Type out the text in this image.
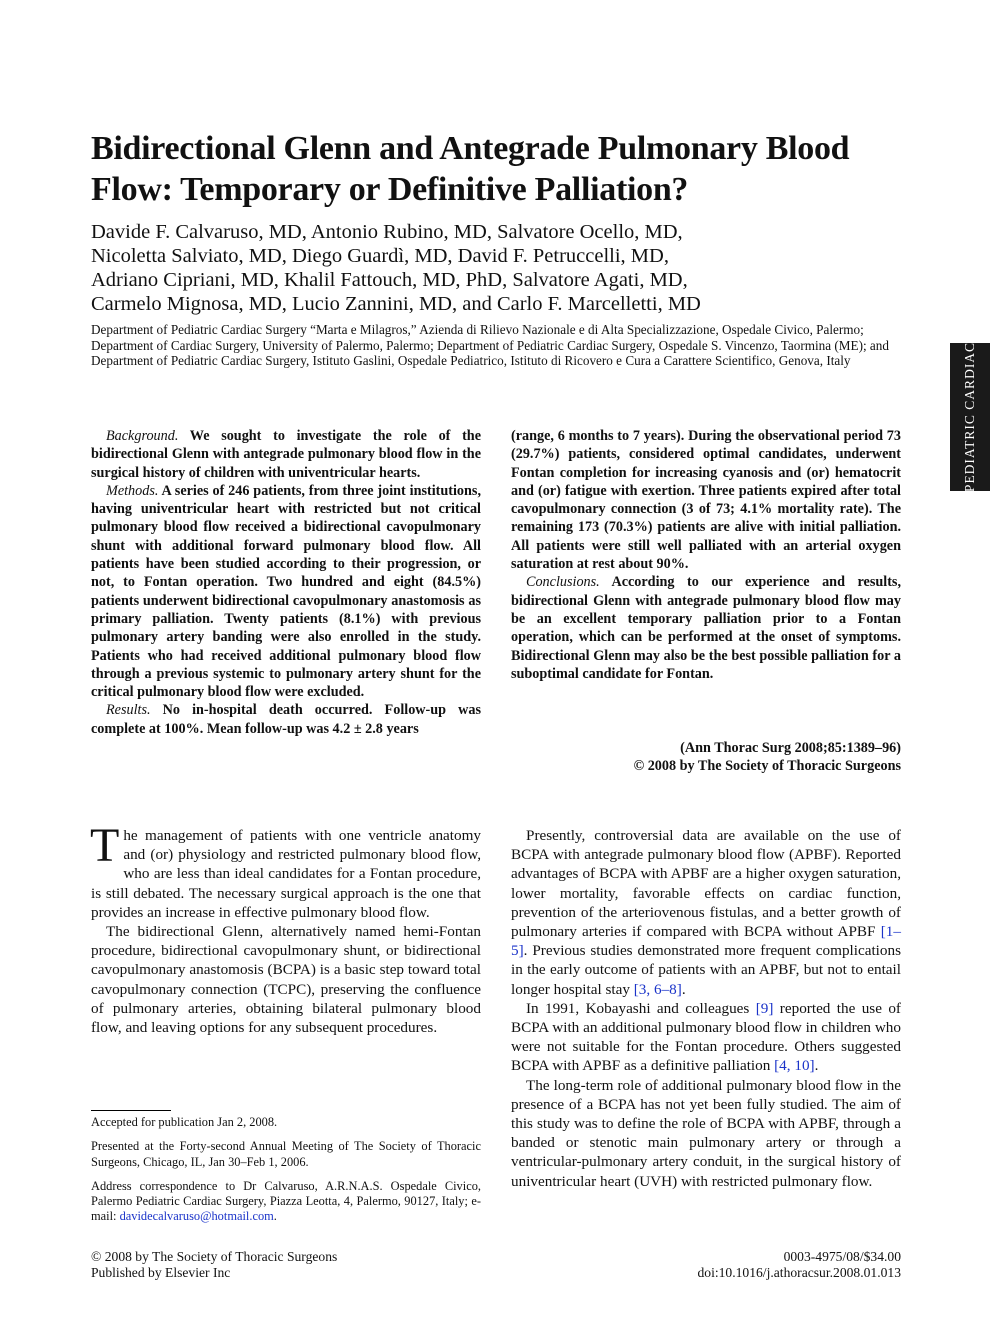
Bidirectional Glenn and Antegrade Pulmonary Blood Flow: Temporary or Definitive Palliation?
Davide F. Calvaruso, MD, Antonio Rubino, MD, Salvatore Ocello, MD,
Nicoletta Salviato, MD, Diego Guardì, MD, David F. Petruccelli, MD,
Adriano Cipriani, MD, Khalil Fattouch, MD, PhD, Salvatore Agati, MD,
Carmelo Mignosa, MD, Lucio Zannini, MD, and Carlo F. Marcelletti, MD
Department of Pediatric Cardiac Surgery “Marta e Milagros,” Azienda di Rilievo Nazionale e di Alta Specializzazione, Ospedale Civico, Palermo; Department of Cardiac Surgery, University of Palermo, Palermo; Department of Pediatric Cardiac Surgery, Ospedale S. Vincenzo, Taormina (ME); and Department of Pediatric Cardiac Surgery, Istituto Gaslini, Ospedale Pediatrico, Istituto di Ricovero e Cura a Carattere Scientifico, Genova, Italy	PEDIATRIC CARDIAC

Background. We sought to investigate the role of the bidirectional Glenn with antegrade pulmonary blood flow in the surgical history of children with univentricular hearts.

Methods. A series of 246 patients, from three joint institutions, having univentricular heart with restricted but not critical pulmonary blood flow received a bidirectional cavopulmonary shunt with additional forward pulmonary blood flow. All patients have been studied according to their progression, or not, to Fontan operation. Two hundred and eight (84.5%) patients underwent bidirectional cavopulmonary anastomosis as primary palliation. Twenty patients (8.1%) with previous pulmonary artery banding were also enrolled in the study. Patients who had received additional pulmonary blood flow through a previous systemic to pulmonary artery shunt for the critical pulmonary blood flow were excluded.

Results. No in-hospital death occurred. Follow-up was complete at 100%. Mean follow-up was 4.2 ± 2.8 years

(range, 6 months to 7 years). During the observational period 73 (29.7%) patients, considered optimal candidates, underwent Fontan completion for increasing cyanosis and (or) hematocrit and (or) fatigue with exertion. Three patients expired after total cavopulmonary connection (3 of 73; 4.1% mortality rate). The remaining 173 (70.3%) patients are alive with initial palliation. All patients were still well palliated with an arterial oxygen saturation at rest about 90%.

Conclusions. According to our experience and results, bidirectional Glenn with antegrade pulmonary blood flow may be an excellent temporary palliation prior to a Fontan operation, which can be performed at the onset of symptoms. Bidirectional Glenn may also be the best possible palliation for a suboptimal candidate for Fontan.

(Ann Thorac Surg 2008;85:1389–96)
© 2008 by The Society of Thoracic Surgeons

The management of patients with one ventricle anatomy and (or) physiology and restricted pulmonary blood flow, who are less than ideal candidates for a Fontan procedure, is still debated. The necessary surgical approach is the one that provides an increase in effective pulmonary blood flow.

The bidirectional Glenn, alternatively named hemi-Fontan procedure, bidirectional cavopulmonary shunt, or bidirectional cavopulmonary anastomosis (BCPA) is a basic step toward total cavopulmonary connection (TCPC), preserving the confluence of pulmonary arteries, obtaining bilateral pulmonary blood flow, and leaving options for any subsequent procedures.

Presently, controversial data are available on the use of BCPA with antegrade pulmonary blood flow (APBF). Reported advantages of BCPA with APBF are a higher oxygen saturation, lower mortality, favorable effects on cardiac function, prevention of the arteriovenous fistulas, and a better growth of pulmonary arteries if compared with BCPA without APBF [1–5]. Previous studies demonstrated more frequent complications in the early outcome of patients with an APBF, but not to entail longer hospital stay [3, 6–8].

In 1991, Kobayashi and colleagues [9] reported the use of BCPA with an additional pulmonary blood flow in children who were not suitable for the Fontan procedure. Others suggested BCPA with APBF as a definitive palliation [4, 10].

The long-term role of additional pulmonary blood flow in the presence of a BCPA has not yet been fully studied. The aim of this study was to define the role of BCPA with APBF, through a banded or stenotic main pulmonary artery or through a ventricular-pulmonary artery conduit, in the surgical history of univentricular heart (UVH) with restricted pulmonary flow.

Accepted for publication Jan 2, 2008.

Presented at the Forty-second Annual Meeting of The Society of Thoracic Surgeons, Chicago, IL, Jan 30–Feb 1, 2006.

Address correspondence to Dr Calvaruso, A.R.N.A.S. Ospedale Civico, Palermo Pediatric Cardiac Surgery, Piazza Leotta, 4, Palermo, 90127, Italy; e-mail: davidecalvaruso@hotmail.com.

© 2008 by The Society of Thoracic Surgeons
Published by Elsevier Inc
0003-4975/08/$34.00
doi:10.1016/j.athoracsur.2008.01.013
